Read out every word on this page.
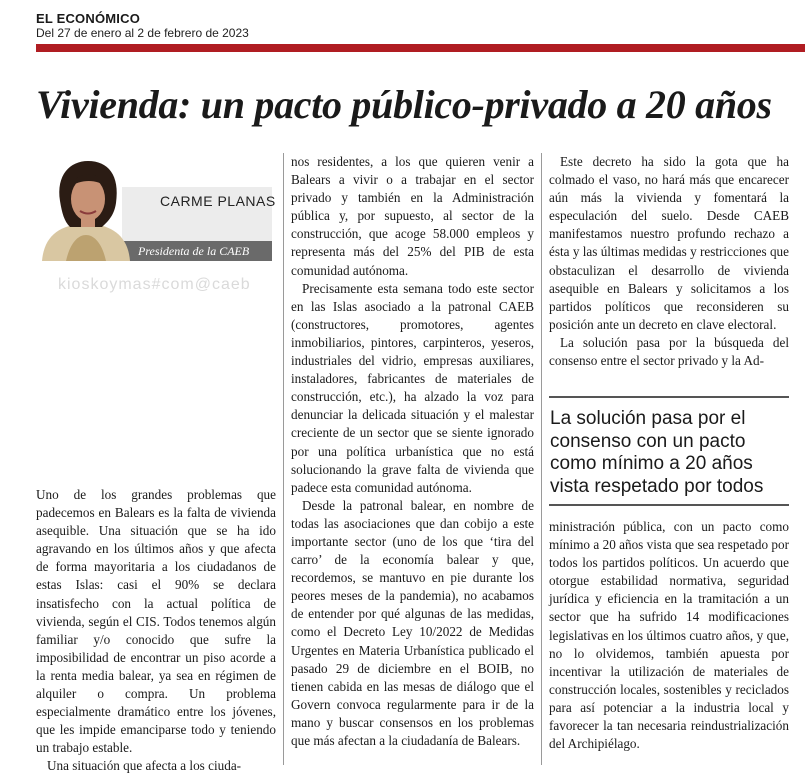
EL ECONÓMICO
Del 27 de enero al 2 de febrero de 2023
Vivienda: un pacto público-privado a 20 años
CARME PLANAS
Presidenta de la CAEB

Uno de los grandes problemas que padecemos en Balears es la falta de vivienda asequible. Una situación que se ha ido agravando en los últimos años y que afecta de forma mayoritaria a los ciudadanos de estas Islas: casi el 90% se declara insatisfecho con la actual política de vivienda, según el CIS. Todos tenemos algún familiar y/o conocido que sufre la imposibilidad de encontrar un piso acorde a la renta media balear, ya sea en régimen de alquiler o compra. Un problema especialmente dramático entre los jóvenes, que les impide emanciparse todo y teniendo un trabajo estable.

Una situación que afecta a los ciuda-

nos residentes, a los que quieren venir a Balears a vivir o a trabajar en el sector privado y también en la Administración pública y, por supuesto, al sector de la construcción, que acoge 58.000 empleos y representa más del 25% del PIB de esta comunidad autónoma.

Precisamente esta semana todo este sector en las Islas asociado a la patronal CAEB (constructores, promotores, agentes inmobiliarios, pintores, carpinteros, yeseros, industriales del vidrio, empresas auxiliares, instaladores, fabricantes de materiales de construcción, etc.), ha alzado la voz para denunciar la delicada situación y el malestar creciente de un sector que se siente ignorado por una política urbanística que no está solucionando la grave falta de vivienda que padece esta comunidad autónoma.

Desde la patronal balear, en nombre de todas las asociaciones que dan cobijo a este importante sector (uno de los que ‘tira del carro’ de la economía balear y que, recordemos, se mantuvo en pie durante los peores meses de la pandemia), no acabamos de entender por qué algunas de las medidas, como el Decreto Ley 10/2022 de Medidas Urgentes en Materia Urbanística publicado el pasado 29 de diciembre en el BOIB, no tienen cabida en las mesas de diálogo que el Govern convoca regularmente para ir de la mano y buscar consensos en los problemas que más afectan a la ciudadanía de Balears.

Este decreto ha sido la gota que ha colmado el vaso, no hará más que encarecer aún más la vivienda y fomentará la especulación del suelo. Desde CAEB manifestamos nuestro profundo rechazo a ésta y las últimas medidas y restricciones que obstaculizan el desarrollo de vivienda asequible en Balears y solicitamos a los partidos políticos que reconsideren su posición ante un decreto en clave electoral.

La solución pasa por la búsqueda del consenso entre el sector privado y la Ad-

La solución pasa por el consenso con un pacto como mínimo a 20 años vista respetado por todos

ministración pública, con un pacto como mínimo a 20 años vista que sea respetado por todos los partidos políticos. Un acuerdo que otorgue estabilidad normativa, seguridad jurídica y eficiencia en la tramitación a un sector que ha sufrido 14 modificaciones legislativas en los últimos cuatro años, y que, no lo olvidemos, también apuesta por incentivar la utilización de materiales de construcción locales, sostenibles y reciclados para así potenciar a la industria local y favorecer la tan necesaria reindustrialización del Archipiélago.

kioskoymas#com@caeb
